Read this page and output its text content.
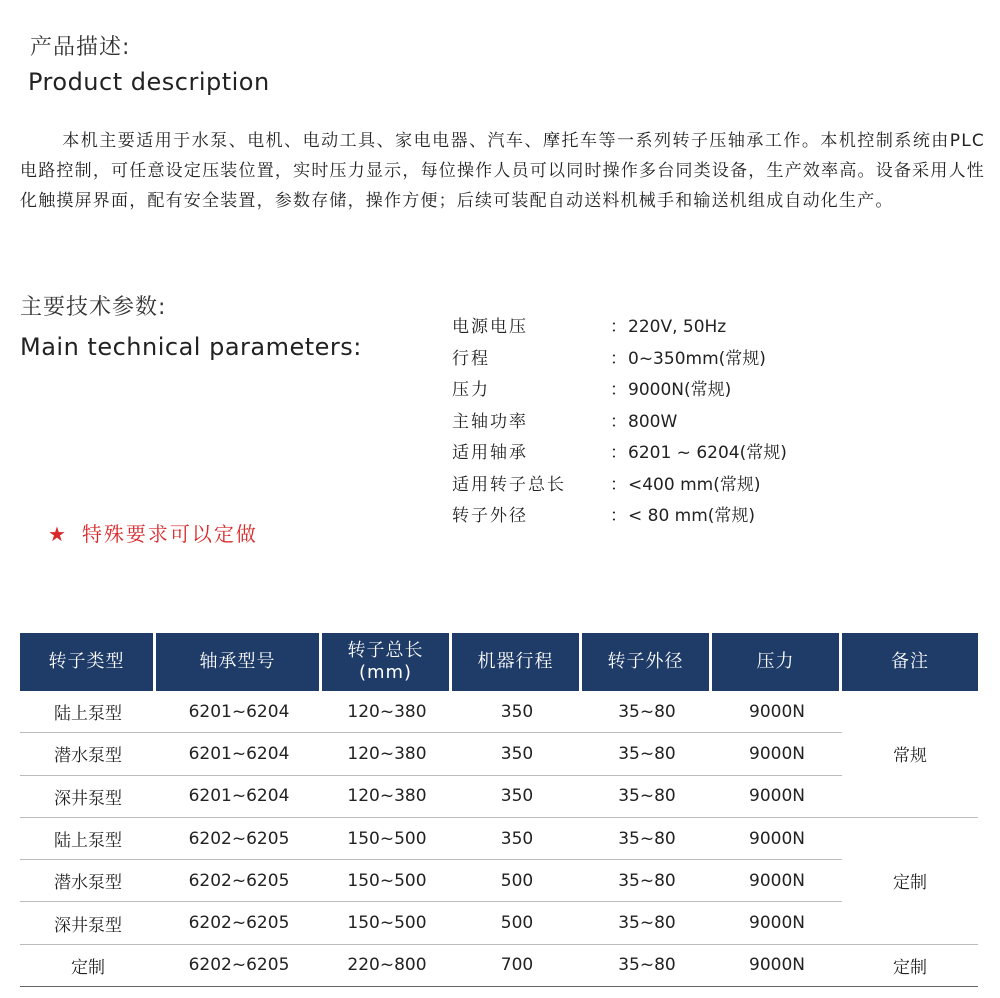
产品描述:
Product description

本机主要适用于水泵、电机、电动工具、家电电器、汽车、摩托车等一系列转子压轴承工作。本机控制系统由PLC电路控制，可任意设定压装位置，实时压力显示，每位操作人员可以同时操作多台同类设备，生产效率高。设备采用人性化触摸屏界面，配有安全装置，参数存储，操作方便；后续可装配自动送料机械手和输送机组成自动化生产。

主要技术参数:
Main technical parameters:
电源电压	： 220V, 50Hz
行程	： 0~350mm(常规)
压力	： 9000N(常规)
主轴功率	： 800W
适用轴承	： 6201 ~ 6204(常规)
适用转子总长	： <400 mm(常规)
转子外径	： < 80 mm(常规)
★ 特殊要求可以定做
转子类型	轴承型号	转子总长
(mm)	机器行程	转子外径	压力	备注
陆上泵型	6201~6204	120~380	350	35~80	9000N	常规
潜水泵型	6201~6204	120~380	350	35~80	9000N	
深井泵型	6201~6204	120~380	350	35~80	9000N	
陆上泵型	6202~6205	150~500	350	35~80	9000N	定制
潜水泵型	6202~6205	150~500	500	35~80	9000N	
深井泵型	6202~6205	150~500	500	35~80	9000N	
定制	6202~6205	220~800	700	35~80	9000N	定制
